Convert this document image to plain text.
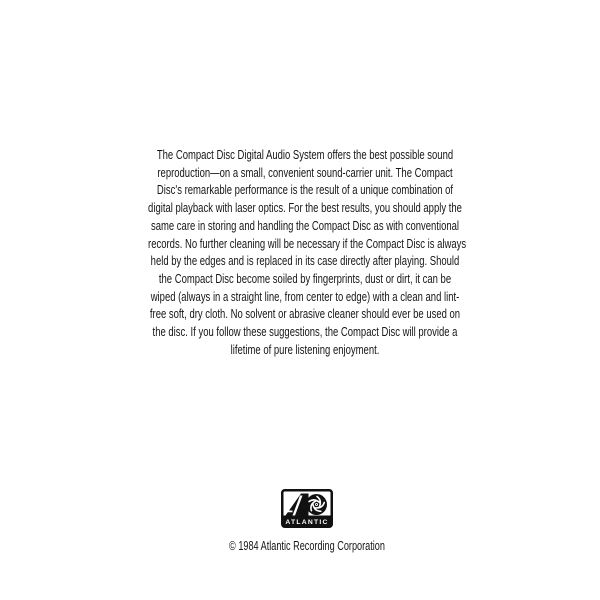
The Compact Disc Digital Audio System offers the best possible sound
reproduction—on a small, convenient sound-carrier unit. The Compact
Disc's remarkable performance is the result of a unique combination of
digital playback with laser optics. For the best results, you should apply the
same care in storing and handling the Compact Disc as with conventional
records. No further cleaning will be necessary if the Compact Disc is always
held by the edges and is replaced in its case directly after playing. Should
the Compact Disc become soiled by fingerprints, dust or dirt, it can be
wiped (always in a straight line, from center to edge) with a clean and lint-
free soft, dry cloth. No solvent or abrasive cleaner should ever be used on
the disc. If you follow these suggestions, the Compact Disc will provide a
lifetime of pure listening enjoyment.
ATLANTIC
© 1984 Atlantic Recording Corporation
